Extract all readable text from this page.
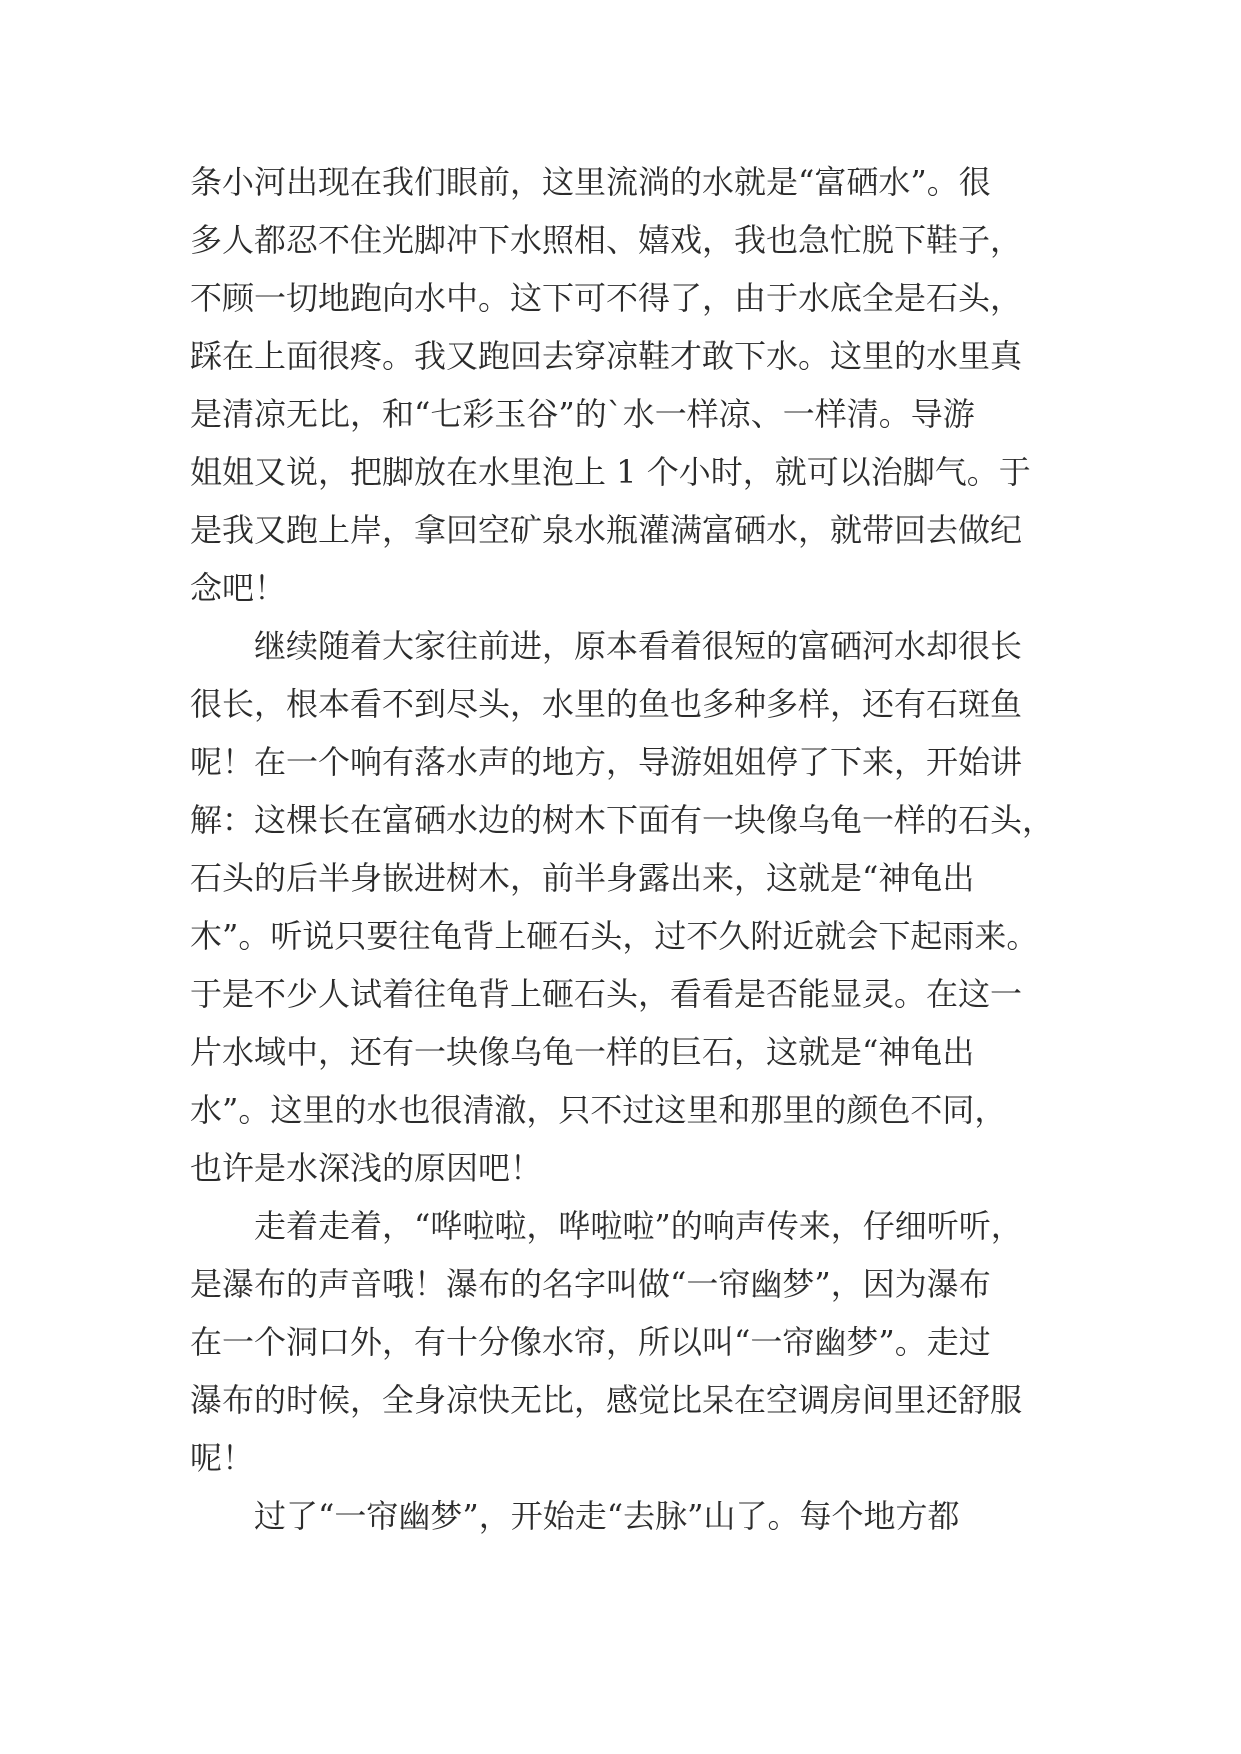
条小河出现在我们眼前，这里流淌的水就是“富硒水”。很
多人都忍不住光脚冲下水照相、嬉戏，我也急忙脱下鞋子，
不顾一切地跑向水中。这下可不得了，由于水底全是石头，
踩在上面很疼。我又跑回去穿凉鞋才敢下水。这里的水里真
是清凉无比，和“七彩玉谷”的`水一样凉、一样清。导游
姐姐又说，把脚放在水里泡上 1 个小时，就可以治脚气。于
是我又跑上岸，拿回空矿泉水瓶灌满富硒水，就带回去做纪
念吧！
　　继续随着大家往前进，原本看着很短的富硒河水却很长
很长，根本看不到尽头，水里的鱼也多种多样，还有石斑鱼
呢！在一个响有落水声的地方，导游姐姐停了下来，开始讲
解：这棵长在富硒水边的树木下面有一块像乌龟一样的石头，
石头的后半身嵌进树木，前半身露出来，这就是“神龟出
木”。听说只要往龟背上砸石头，过不久附近就会下起雨来。
于是不少人试着往龟背上砸石头，看看是否能显灵。在这一
片水域中，还有一块像乌龟一样的巨石，这就是“神龟出
水”。这里的水也很清澈，只不过这里和那里的颜色不同，
也许是水深浅的原因吧！
　　走着走着，“哗啦啦，哗啦啦”的响声传来，仔细听听，
是瀑布的声音哦！瀑布的名字叫做“一帘幽梦”，因为瀑布
在一个洞口外，有十分像水帘，所以叫“一帘幽梦”。走过
瀑布的时候，全身凉快无比，感觉比呆在空调房间里还舒服
呢！
　　过了“一帘幽梦”，开始走“去脉”山了。每个地方都
